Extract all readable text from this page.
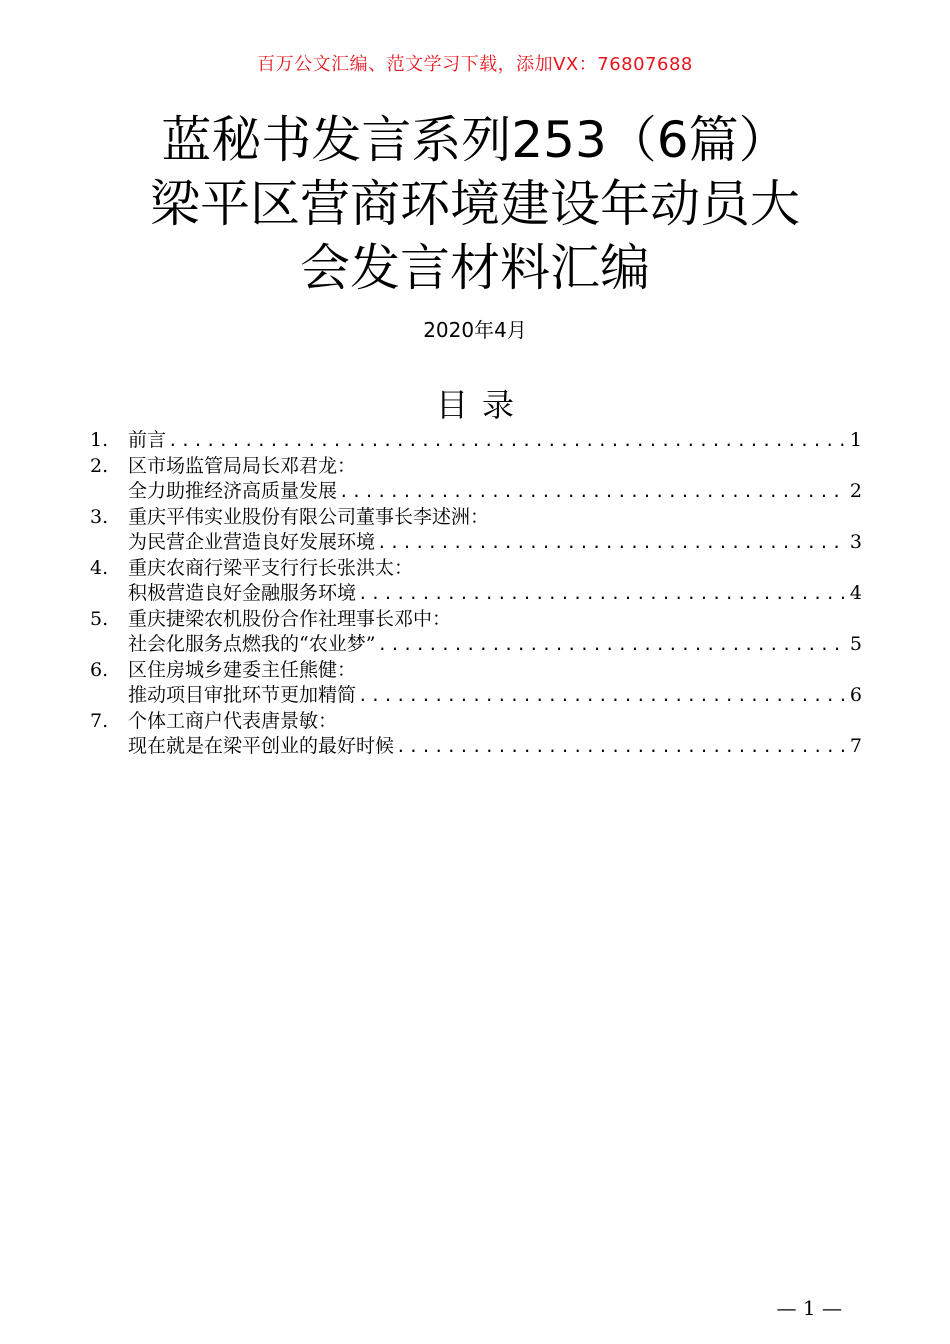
百万公文汇编、范文学习下载，添加VX：76807688
蓝秘书发言系列253（6篇）
梁平区营商环境建设年动员大
会发言材料汇编
2020年4月
目录
1.	前言 .....	1
2.	区市场监管局局长邓君龙：
全力助推经济高质量发展 .....	2
3.	重庆平伟实业股份有限公司董事长李述洲：
为民营企业营造良好发展环境 .....	3
4.	重庆农商行梁平支行行长张洪太：
积极营造良好金融服务环境 .....	4
5.	重庆捷梁农机股份合作社理事长邓中：
社会化服务点燃我的“农业梦” .....	5
6.	区住房城乡建委主任熊健：
推动项目审批环节更加精简 .....	6
7.	个体工商户代表唐景敏：
现在就是在梁平创业的最好时候 .....	7
— 1 —
